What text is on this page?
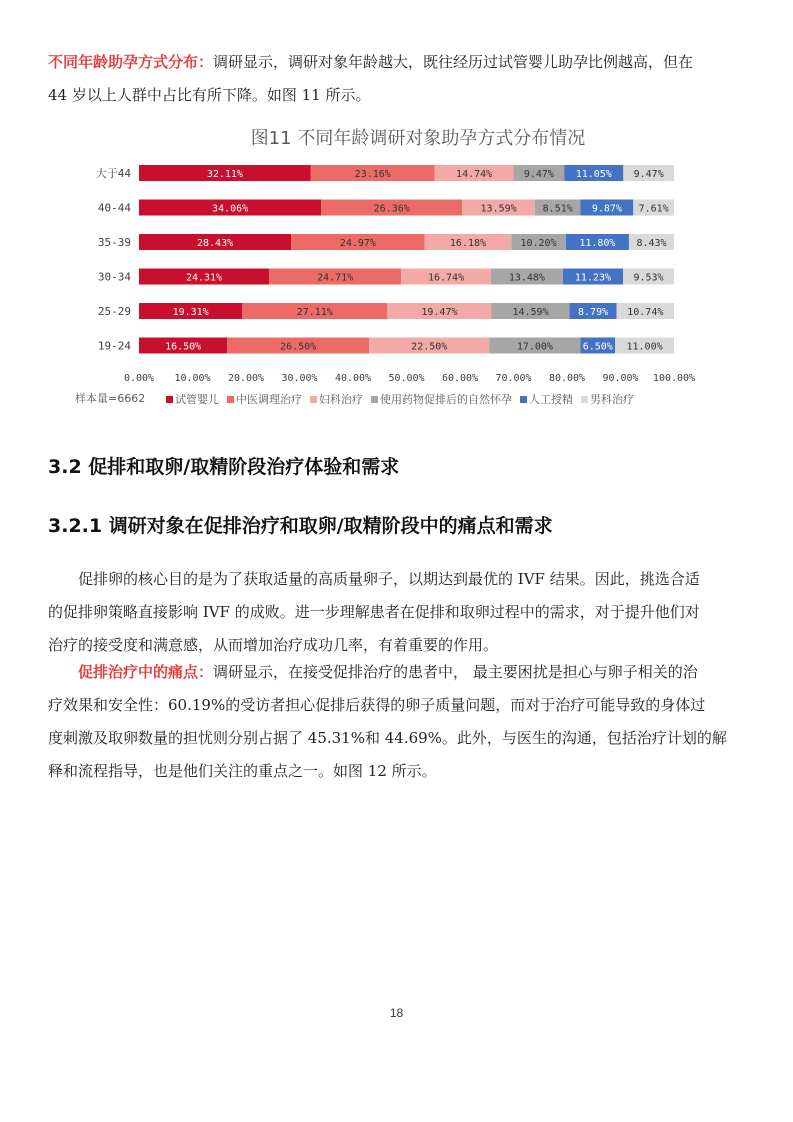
不同年龄助孕方式分布：调研显示，调研对象年龄越大，既往经历过试管婴儿助孕比例越高，但在
44 岁以上人群中占比有所下降。如图 11 所示。

图11 不同年龄调研对象助孕方式分布情况
32.11%	23.16%	14.74%	9.47% 11.05% 9.47%
34.06%	26.36%	13.59%	8.51% 9.87% 7.61%
28.43%	24.97%	16.18%	10.20% 11.80% 8.43%
24.31%	24.71%	16.74%	13.48%	11.23% 9.53%
19.31%	27.11%	19.47%	14.59%	8.79% 10.74%
16.50%	26.50%	22.50%	17.00%	6.50% 11.00%
大于44
40-44
35-39
30-34
25-29
19-24
0.00% 10.00% 20.00% 30.00% 40.00% 50.00% 60.00% 70.00% 80.00% 90.00% 100.00%
样本量=6662	试管婴儿 中医调理治疗 妇科治疗 使用药物促排后的自然怀孕 人工授精 男科治疗
3.2 促排和取卵/取精阶段治疗体验和需求
3.2.1 调研对象在促排治疗和取卵/取精阶段中的痛点和需求

促排卵的核心目的是为了获取适量的高质量卵子，以期达到最优的 IVF 结果。因此，挑选合适
的促排卵策略直接影响 IVF 的成败。进一步理解患者在促排和取卵过程中的需求，对于提升他们对
治疗的接受度和满意感，从而增加治疗成功几率，有着重要的作用。

促排治疗中的痛点：调研显示，在接受促排治疗的患者中， 最主要困扰是担心与卵子相关的治
疗效果和安全性：60.19%的受访者担心促排后获得的卵子质量问题，而对于治疗可能导致的身体过
度刺激及取卵数量的担忧则分别占据了 45.31%和 44.69%。此外，与医生的沟通，包括治疗计划的解
释和流程指导，也是他们关注的重点之一。如图 12 所示。

18
